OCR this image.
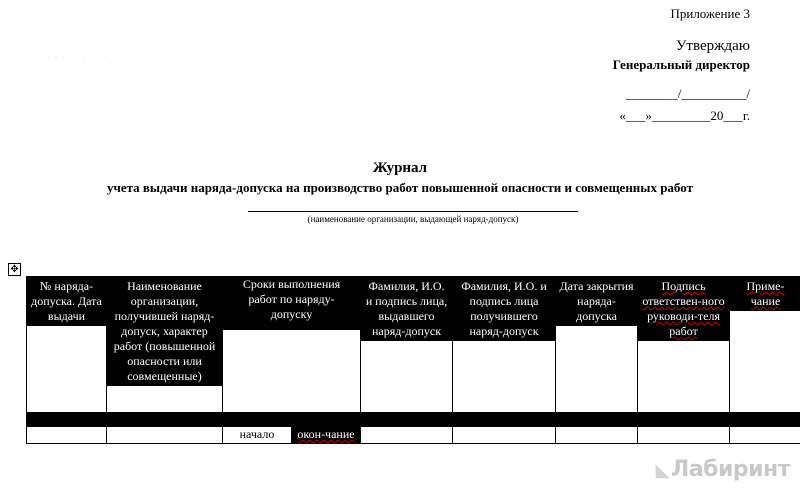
· · · · · · · · · ·
Приложение 3
Утверждаю
Генеральный директор
________/__________/
«___»_________20___г.
Журнал
учета выдачи наряда-допуска на производство работ повышенной опасности и совмещенных работ
(наименование организации, выдающей наряд-допуск)
✥
№ наряда-допуска. Дата выдачи	Наименование организации, получившей наряд-допуск, характер работ (повышенной опасности или совмещенные)	Сроки выполнения работ по наряду-допуску		Фамилия, И.О. и подпись лица, выдавшего наряд-допуск	Фамилия, И.О. и подпись лица получившего наряд-допуск	Дата закрытия наряда-допуска	Подпись ответствен-ного руководи-теля работ	Приме-чание

		начало	окон-чание					
◣Лабиринт
